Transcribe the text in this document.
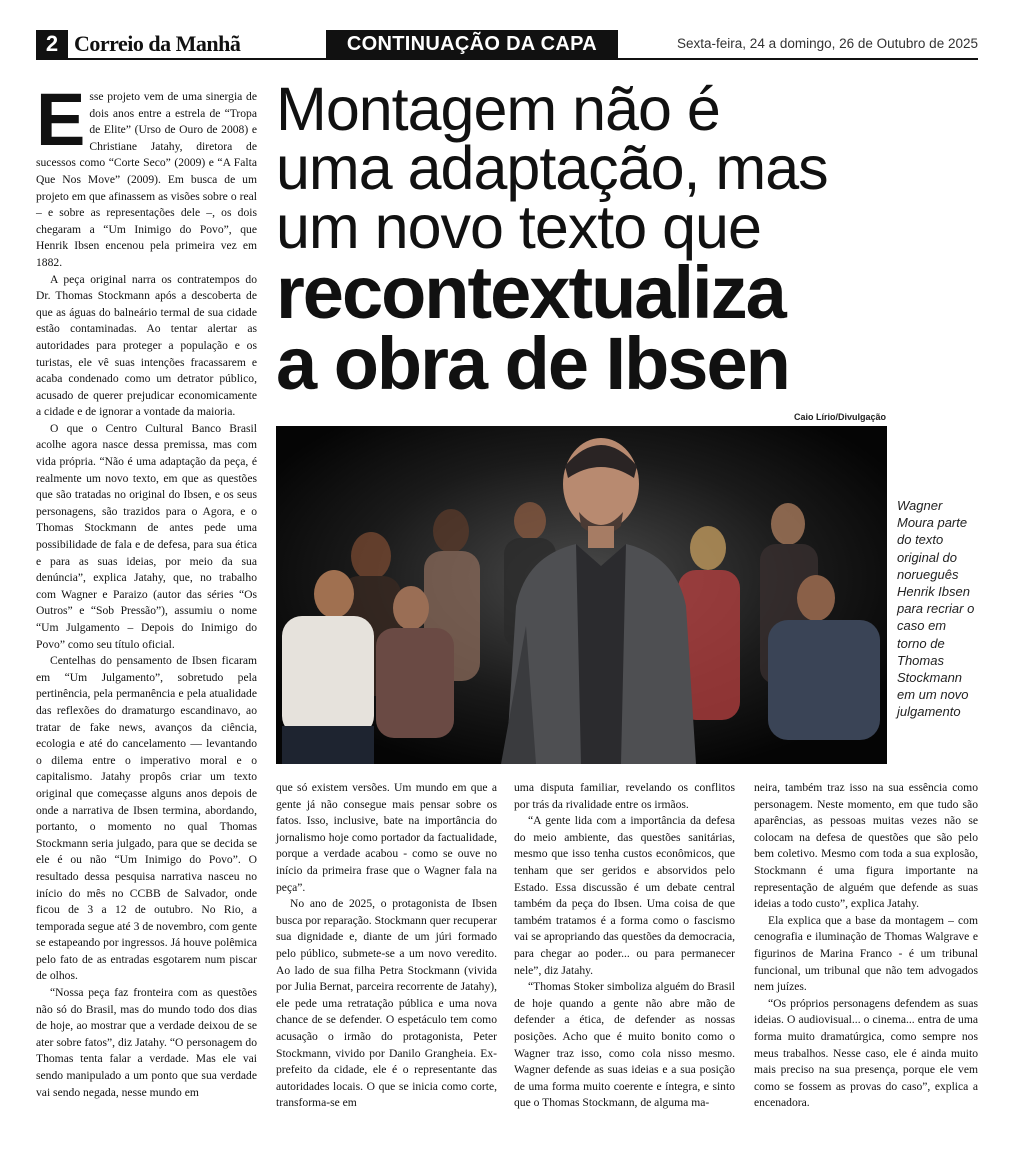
2 Correio da Manhã	CONTINUAÇÃO DA CAPA	Sexta-feira, 24 a domingo, 26 de Outubro de 2025

Esse projeto vem de uma sinergia de dois anos entre a estrela de “Tropa de Elite” (Urso de Ouro de 2008) e Christiane Jatahy, diretora de sucessos como “Corte Seco” (2009) e “A Falta Que Nos Move” (2009). Em busca de um projeto em que afinassem as visões sobre o real – e sobre as representações dele –, os dois chegaram a “Um Inimigo do Povo”, que Henrik Ibsen encenou pela primeira vez em 1882.

A peça original narra os contratempos do Dr. Thomas Stockmann após a descoberta de que as águas do balneário termal de sua cidade estão contaminadas. Ao tentar alertar as autoridades para proteger a população e os turistas, ele vê suas intenções fracassarem e acaba condenado como um detrator público, acusado de querer prejudicar economicamente a cidade e de ignorar a vontade da maioria.

O que o Centro Cultural Banco Brasil acolhe agora nasce dessa premissa, mas com vida própria. “Não é uma adaptação da peça, é realmente um novo texto, em que as questões que são tratadas no original do Ibsen, e os seus personagens, são trazidos para o Agora, e o Thomas Stockmann de antes pede uma possibilidade de fala e de defesa, para sua ética e para as suas ideias, por meio da sua denúncia”, explica Jatahy, que, no trabalho com Wagner e Paraizo (autor das séries “Os Outros” e “Sob Pressão”), assumiu o nome “Um Julgamento – Depois do Inimigo do Povo” como seu título oficial.

Centelhas do pensamento de Ibsen ficaram em “Um Julgamento”, sobretudo pela pertinência, pela permanência e pela atualidade das reflexões do dramaturgo escandinavo, ao tratar de fake news, avanços da ciência, ecologia e até do cancelamento — levantando o dilema entre o imperativo moral e o capitalismo. Jatahy propôs criar um texto original que começasse alguns anos depois de onde a narrativa de Ibsen termina, abordando, portanto, o momento no qual Thomas Stockmann seria julgado, para que se decida se ele é ou não “Um Inimigo do Povo”. O resultado dessa pesquisa narrativa nasceu no início do mês no CCBB de Salvador, onde ficou de 3 a 12 de outubro. No Rio, a temporada segue até 3 de novembro, com gente se estapeando por ingressos. Já houve polêmica pelo fato de as entradas esgotarem num piscar de olhos.

“Nossa peça faz fronteira com as questões não só do Brasil, mas do mundo todo dos dias de hoje, ao mostrar que a verdade deixou de se ater sobre fatos”, diz Jatahy. “O personagem do Thomas tenta falar a verdade. Mas ele vai sendo manipulado a um ponto que sua verdade vai sendo negada, nesse mundo em

Montagem não é
uma adaptação, mas
um novo texto que
recontextualiza
a obra de Ibsen
Caio Lírio/Divulgação
Wagner Moura parte do texto original do norueguês Henrik Ibsen para recriar o caso em torno de Thomas Stockmann em um novo julgamento

que só existem versões. Um mundo em que a gente já não consegue mais pensar sobre os fatos. Isso, inclusive, bate na importância do jornalismo hoje como portador da factualidade, porque a verdade acabou - como se ouve no início da primeira frase que o Wagner fala na peça”.

No ano de 2025, o protagonista de Ibsen busca por reparação. Stockmann quer recuperar sua dignidade e, diante de um júri formado pelo público, submete-se a um novo veredito. Ao lado de sua filha Petra Stockmann (vivida por Julia Bernat, parceira recorrente de Jatahy), ele pede uma retratação pública e uma nova chance de se defender. O espetáculo tem como acusação o irmão do protagonista, Peter Stockmann, vivido por Danilo Grangheia. Ex-prefeito da cidade, ele é o representante das autoridades locais. O que se inicia como corte, transforma-se em

uma disputa familiar, revelando os conflitos por trás da rivalidade entre os irmãos.

“A gente lida com a importância da defesa do meio ambiente, das questões sanitárias, mesmo que isso tenha custos econômicos, que tenham que ser geridos e absorvidos pelo Estado. Essa discussão é um debate central também da peça do Ibsen. Uma coisa de que também tratamos é a forma como o fascismo vai se apropriando das questões da democracia, para chegar ao poder... ou para permanecer nele”, diz Jatahy.

“Thomas Stoker simboliza alguém do Brasil de hoje quando a gente não abre mão de defender a ética, de defender as nossas posições. Acho que é muito bonito como o Wagner traz isso, como cola nisso mesmo. Wagner defende as suas ideias e a sua posição de uma forma muito coerente e íntegra, e sinto que o Thomas Stockmann, de alguma ma-

neira, também traz isso na sua essência como personagem. Neste momento, em que tudo são aparências, as pessoas muitas vezes não se colocam na defesa de questões que são pelo bem coletivo. Mesmo com toda a sua explosão, Stockmann é uma figura importante na representação de alguém que defende as suas ideias a todo custo”, explica Jatahy.

Ela explica que a base da montagem – com cenografia e iluminação de Thomas Walgrave e figurinos de Marina Franco - é um tribunal funcional, um tribunal que não tem advogados nem juízes.

“Os próprios personagens defendem as suas ideias. O audiovisual... o cinema... entra de uma forma muito dramatúrgica, como sempre nos meus trabalhos. Nesse caso, ele é ainda muito mais preciso na sua presença, porque ele vem como se fossem as provas do caso”, explica a encenadora.
